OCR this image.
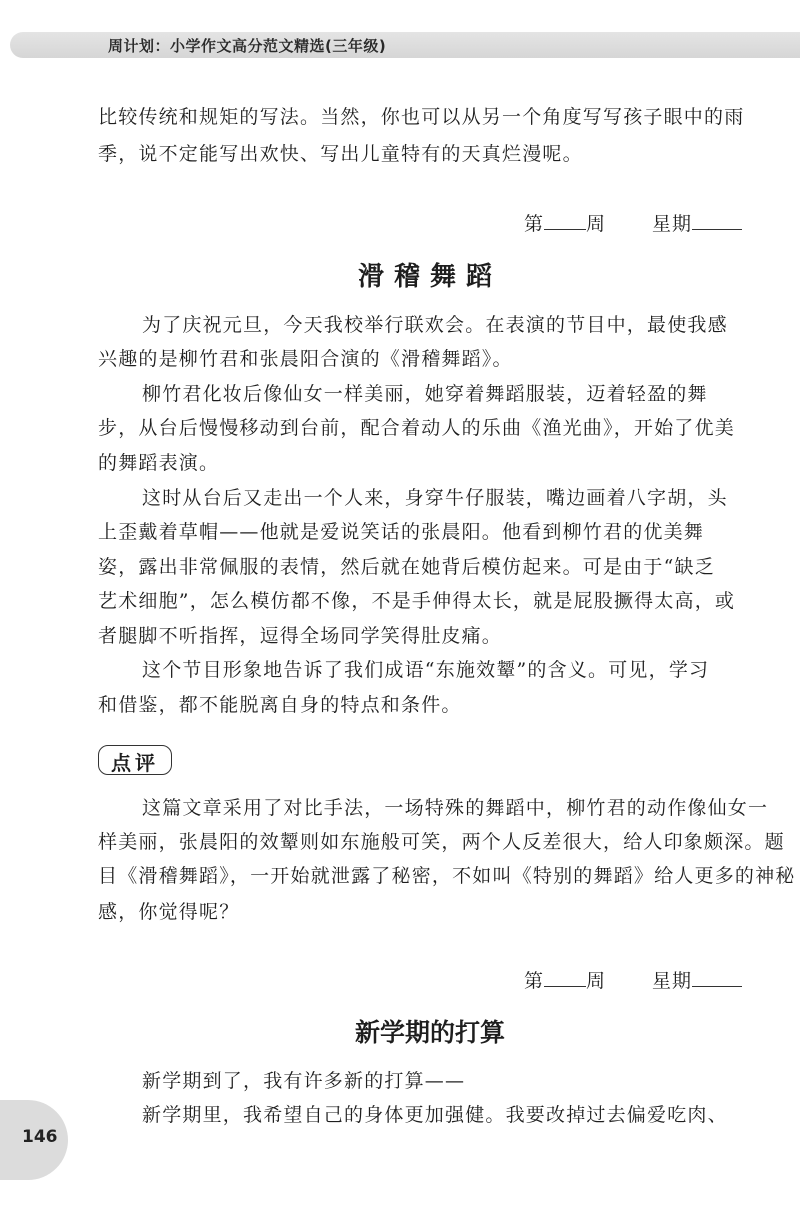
周计划：小学作文高分范文精选(三年级)
比较传统和规矩的写法。当然，你也可以从另一个角度写写孩子眼中的雨
季，说不定能写出欢快、写出儿童特有的天真烂漫呢。
第 周 星期
滑稽舞蹈
为了庆祝元旦，今天我校举行联欢会。在表演的节目中，最使我感
兴趣的是柳竹君和张晨阳合演的《滑稽舞蹈》。
柳竹君化妆后像仙女一样美丽，她穿着舞蹈服装，迈着轻盈的舞
步，从台后慢慢移动到台前，配合着动人的乐曲《渔光曲》，开始了优美
的舞蹈表演。
这时从台后又走出一个人来，身穿牛仔服装，嘴边画着八字胡，头
上歪戴着草帽——他就是爱说笑话的张晨阳。他看到柳竹君的优美舞
姿，露出非常佩服的表情，然后就在她背后模仿起来。可是由于“缺乏
艺术细胞”，怎么模仿都不像，不是手伸得太长，就是屁股撅得太高，或
者腿脚不听指挥，逗得全场同学笑得肚皮痛。
这个节目形象地告诉了我们成语“东施效颦”的含义。可见，学习
和借鉴，都不能脱离自身的特点和条件。
点评
这篇文章采用了对比手法，一场特殊的舞蹈中，柳竹君的动作像仙女一
样美丽，张晨阳的效颦则如东施般可笑，两个人反差很大，给人印象颇深。题
目《滑稽舞蹈》，一开始就泄露了秘密，不如叫《特别的舞蹈》给人更多的神秘
感，你觉得呢？
第 周 星期
新学期的打算
新学期到了，我有许多新的打算——
新学期里，我希望自己的身体更加强健。我要改掉过去偏爱吃肉、
146
